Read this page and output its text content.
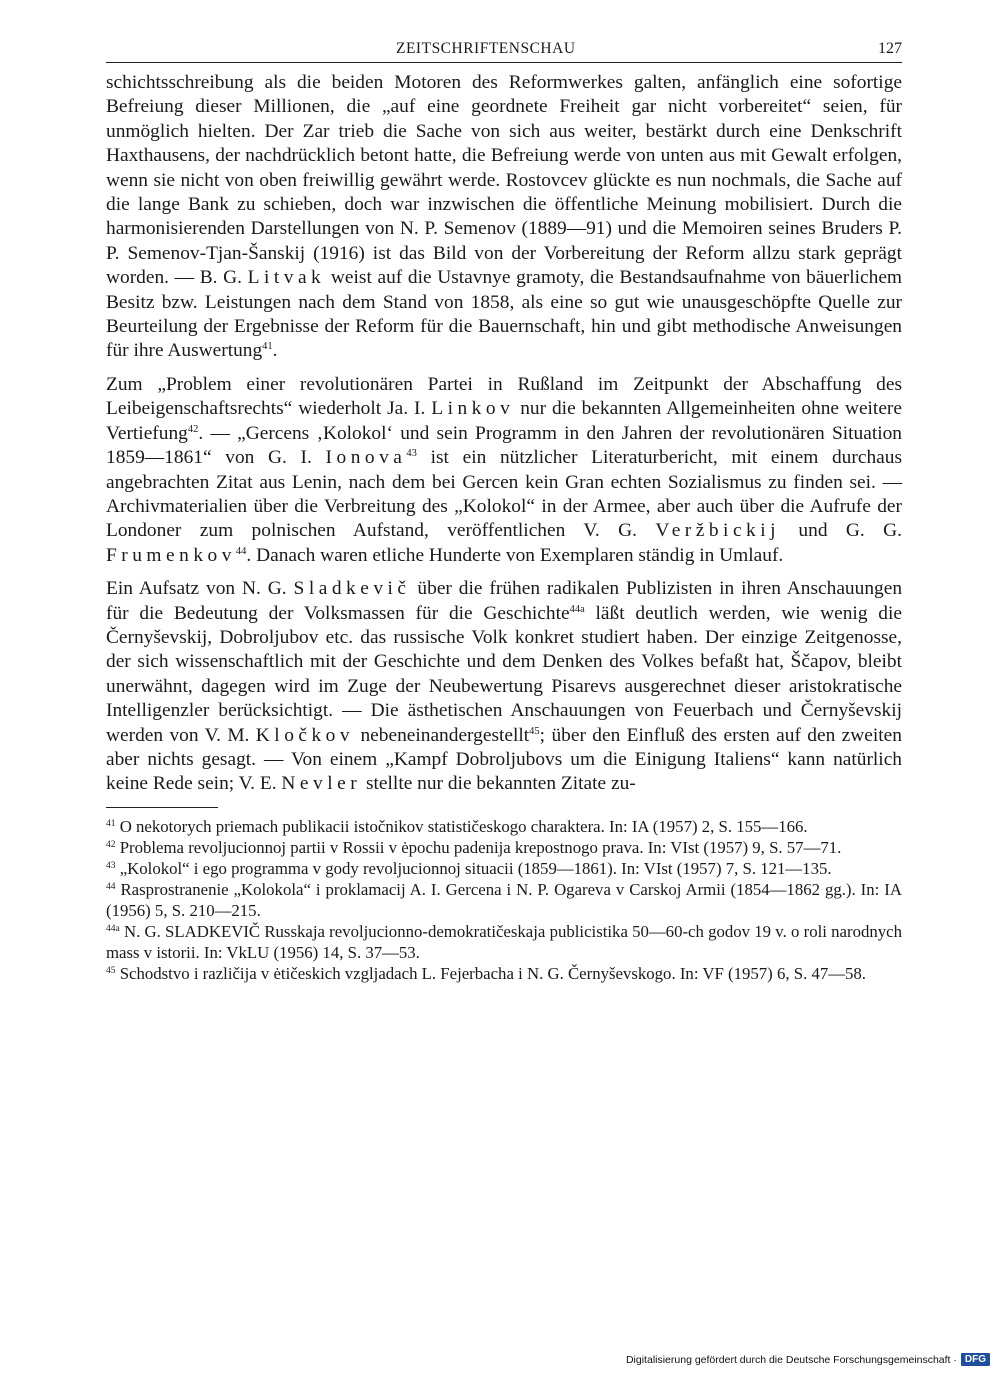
ZEITSCHRIFTENSCHAU	127

schichtsschreibung als die beiden Motoren des Reformwerkes galten, anfänglich eine sofortige Befreiung dieser Millionen, die „auf eine geordnete Freiheit gar nicht vorbereitet“ seien, für unmöglich hielten. Der Zar trieb die Sache von sich aus weiter, bestärkt durch eine Denkschrift Haxthausens, der nachdrücklich betont hatte, die Befreiung werde von unten aus mit Gewalt erfolgen, wenn sie nicht von oben freiwillig gewährt werde. Rostovcev glückte es nun nochmals, die Sache auf die lange Bank zu schieben, doch war inzwischen die öffentliche Meinung mobilisiert. Durch die harmonisierenden Darstellungen von N. P. Semenov (1889—91) und die Memoiren seines Bruders P. P. Semenov-Tjan-Šanskij (1916) ist das Bild von der Vorbereitung der Reform allzu stark geprägt worden. — B. G. Litvak weist auf die Ustavnye gramoty, die Bestandsaufnahme von bäuerlichem Besitz bzw. Leistungen nach dem Stand von 1858, als eine so gut wie unausgeschöpfte Quelle zur Beurteilung der Ergebnisse der Reform für die Bauernschaft, hin und gibt methodische Anweisungen für ihre Auswertung$^{41}$.

Zum „Problem einer revolutionären Partei in Rußland im Zeitpunkt der Abschaffung des Leibeigenschaftsrechts“ wiederholt Ja. I. Linkov nur die bekannten Allgemeinheiten ohne weitere Vertiefung$^{42}$. — „Gercens ‚Kolokol‘ und sein Programm in den Jahren der revolutionären Situation 1859—1861“ von G. I. Ionova$^{43}$ ist ein nützlicher Literaturbericht, mit einem durchaus angebrachten Zitat aus Lenin, nach dem bei Gercen kein Gran echten Sozialismus zu finden sei. — Archivmaterialien über die Verbreitung des „Kolokol“ in der Armee, aber auch über die Aufrufe der Londoner zum polnischen Aufstand, veröffentlichen V. G. Veržbickij und G. G. Frumenkov$^{44}$. Danach waren etliche Hunderte von Exemplaren ständig in Umlauf.

Ein Aufsatz von N. G. Sladkevič über die frühen radikalen Publizisten in ihren Anschauungen für die Bedeutung der Volksmassen für die Geschichte$^{44a}$ läßt deutlich werden, wie wenig die Černyševskij, Dobroljubov etc. das russische Volk konkret studiert haben. Der einzige Zeitgenosse, der sich wissenschaftlich mit der Geschichte und dem Denken des Volkes befaßt hat, Ščapov, bleibt unerwähnt, dagegen wird im Zuge der Neubewertung Pisarevs ausgerechnet dieser aristokratische Intelligenzler berücksichtigt. — Die ästhetischen Anschauungen von Feuerbach und Černyševskij werden von V. M. Kločkov nebeneinandergestellt$^{45}$; über den Einfluß des ersten auf den zweiten aber nichts gesagt. — Von einem „Kampf Dobroljubovs um die Einigung Italiens“ kann natürlich keine Rede sein; V. E. Nevler stellte nur die bekannten Zitate zu-

$^{41}$ O nekotorych priemach publikacii istočnikov statističeskogo charaktera. In: IA (1957) 2, S. 155—166.

$^{42}$ Problema revoljucionnoj partii v Rossii v ėpochu padenija krepostnogo prava. In: VIst (1957) 9, S. 57—71.

$^{43}$ „Kolokol“ i ego programma v gody revoljucionnoj situacii (1859—1861). In: VIst (1957) 7, S. 121—135.

$^{44}$ Rasprostranenie „Kolokola“ i proklamacij A. I. Gercena i N. P. Ogareva v Carskoj Armii (1854—1862 gg.). In: IA (1956) 5, S. 210—215.

$^{44a}$ N. G. SLADKEVIČ Russkaja revoljucionno-demokratičeskaja publicistika 50—60-ch godov 19 v. o roli narodnych mass v istorii. In: VkLU (1956) 14, S. 37—53.

$^{45}$ Schodstvo i različija v ėtičeskich vzgljadach L. Fejerbacha i N. G. Černyševskogo. In: VF (1957) 6, S. 47—58.

Digitalisierung gefördert durch die Deutsche Forschungsgemeinschaft · DFG
